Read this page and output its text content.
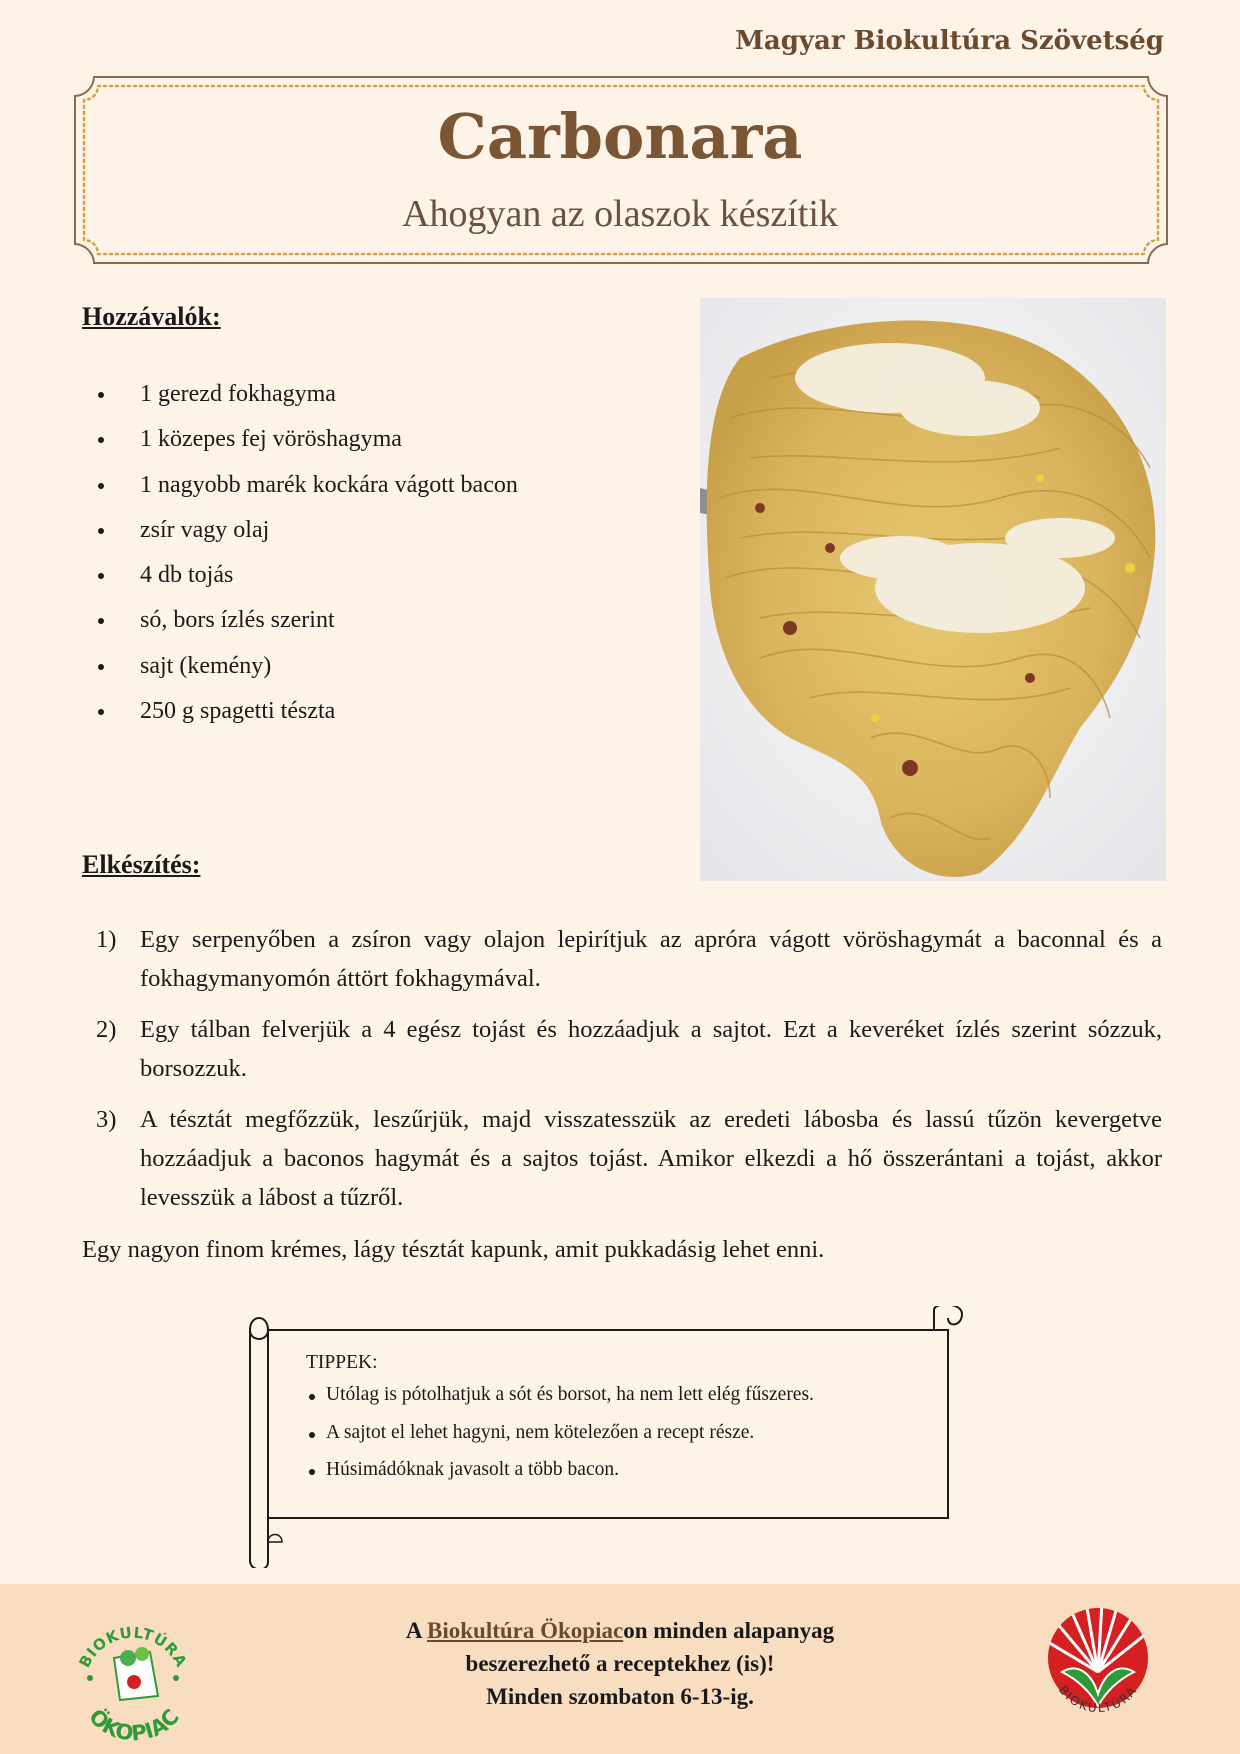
Magyar Biokultúra Szövetség
Carbonara
Ahogyan az olaszok készítik
Hozzávalók:
1 gerezd fokhagyma
1 közepes fej vöröshagyma
1 nagyobb marék kockára vágott bacon
zsír vagy olaj
4 db tojás
só, bors ízlés szerint
sajt (kemény)
250 g spagetti tészta
Elkészítés:
1) Egy serpenyőben a zsíron vagy olajon lepirítjuk az apróra vágott vöröshagymát a baconnal és a fokhagymanyomón áttört fokhagymával.
2) Egy tálban felverjük a 4 egész tojást és hozzáadjuk a sajtot. Ezt a keveréket ízlés szerint sózzuk, borsozzuk.
3) A tésztát megfőzzük, leszűrjük, majd visszatesszük az eredeti lábosba és lassú tűzön kevergetve hozzáadjuk a baconos hagymát és a sajtos tojást. Amikor elkezdi a hő összerántani a tojást, akkor levesszük a lábost a tűzről.
Egy nagyon finom krémes, lágy tésztát kapunk, amit pukkadásig lehet enni.
TIPPEK:
Utólag is pótolhatjuk a sót és borsot, ha nem lett elég fűszeres.
A sajtot el lehet hagyni, nem kötelezően a recept része.
Húsimádóknak javasolt a több bacon.
BIOKULTÚRA
ÖKOPIAC
A Biokultúra Ökopiacon minden alapanyag
beszerezhető a receptekhez (is)!
Minden szombaton 6-13-ig.	BIOKULTÚRA
